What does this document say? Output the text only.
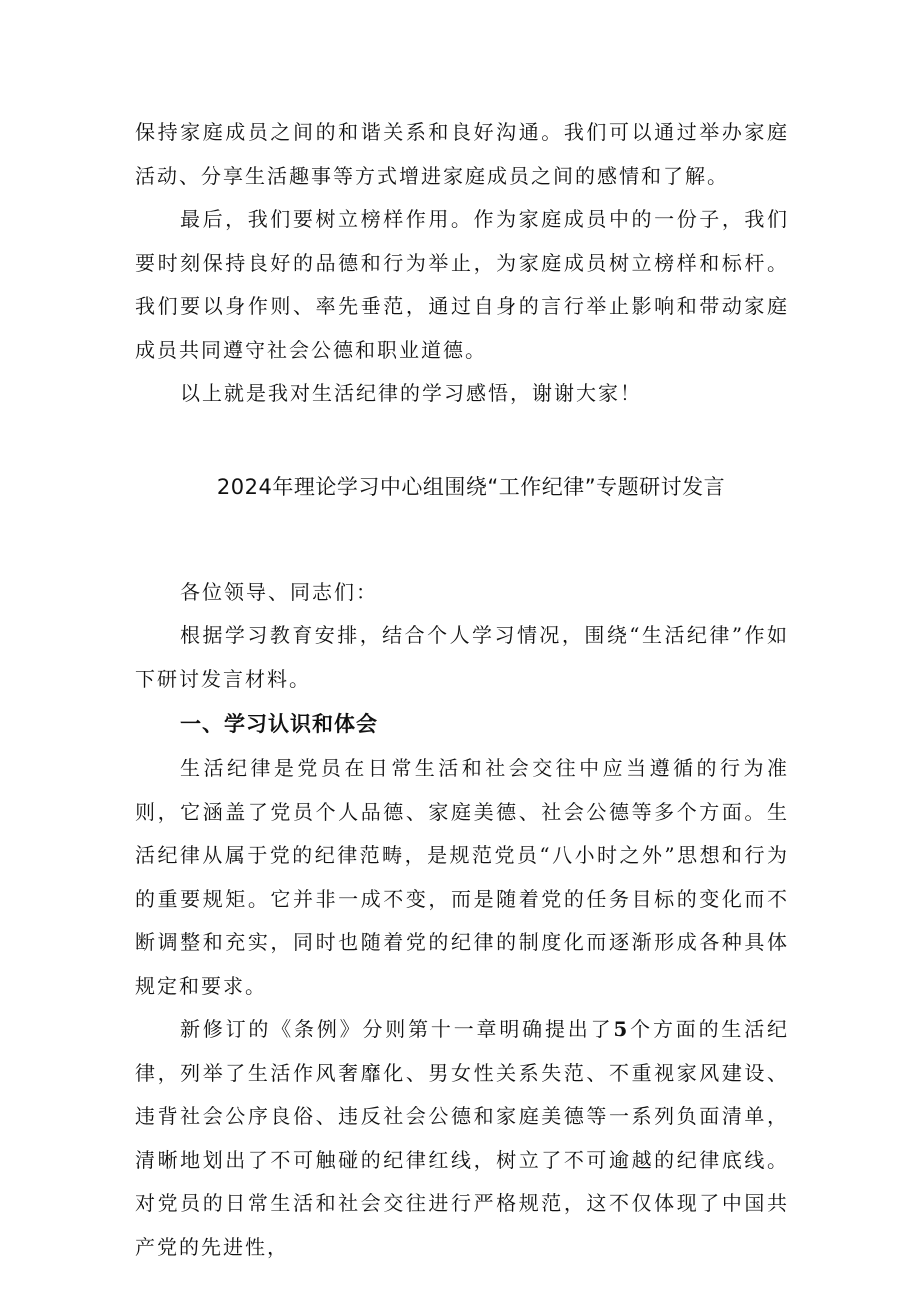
保持家庭成员之间的和谐关系和良好沟通。我们可以通过举办家庭活动、分享生活趣事等方式增进家庭成员之间的感情和了解。

最后，我们要树立榜样作用。作为家庭成员中的一份子，我们要时刻保持良好的品德和行为举止，为家庭成员树立榜样和标杆。我们要以身作则、率先垂范，通过自身的言行举止影响和带动家庭成员共同遵守社会公德和职业道德。

以上就是我对生活纪律的学习感悟，谢谢大家！

2024年理论学习中心组围绕“工作纪律”专题研讨发言

各位领导、同志们：

根据学习教育安排，结合个人学习情况，围绕“生活纪律”作如下研讨发言材料。

一、学习认识和体会

生活纪律是党员在日常生活和社会交往中应当遵循的行为准则，它涵盖了党员个人品德、家庭美德、社会公德等多个方面。生活纪律从属于党的纪律范畴，是规范党员“八小时之外”思想和行为的重要规矩。它并非一成不变，而是随着党的任务目标的变化而不断调整和充实，同时也随着党的纪律的制度化而逐渐形成各种具体规定和要求。

新修订的《条例》分则第十一章明确提出了5个方面的生活纪律，列举了生活作风奢靡化、男女性关系失范、不重视家风建设、违背社会公序良俗、违反社会公德和家庭美德等一系列负面清单，清晰地划出了不可触碰的纪律红线，树立了不可逾越的纪律底线。对党员的日常生活和社会交往进行严格规范，这不仅体现了中国共产党的先进性，
